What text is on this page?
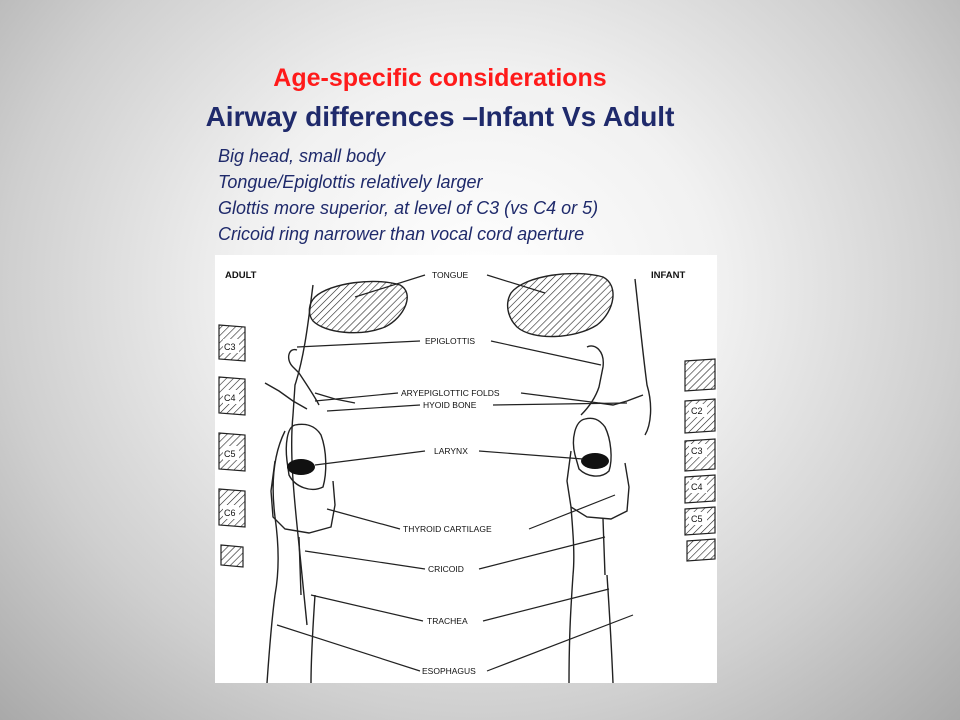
Age-specific considerations
Airway differences –Infant Vs Adult
Big head, small body
Tongue/Epiglottis relatively larger
Glottis more superior, at level of C3 (vs C4 or 5)
Cricoid ring narrower than vocal cord aperture
ADULT	INFANT
C3
C4
C5
C6
C2
C3
C4
C5
TONGUE
EPIGLOTTIS
ARYEPIGLOTTIC FOLDS
HYOID BONE
LARYNX
THYROID CARTILAGE
CRICOID
TRACHEA
ESOPHAGUS
